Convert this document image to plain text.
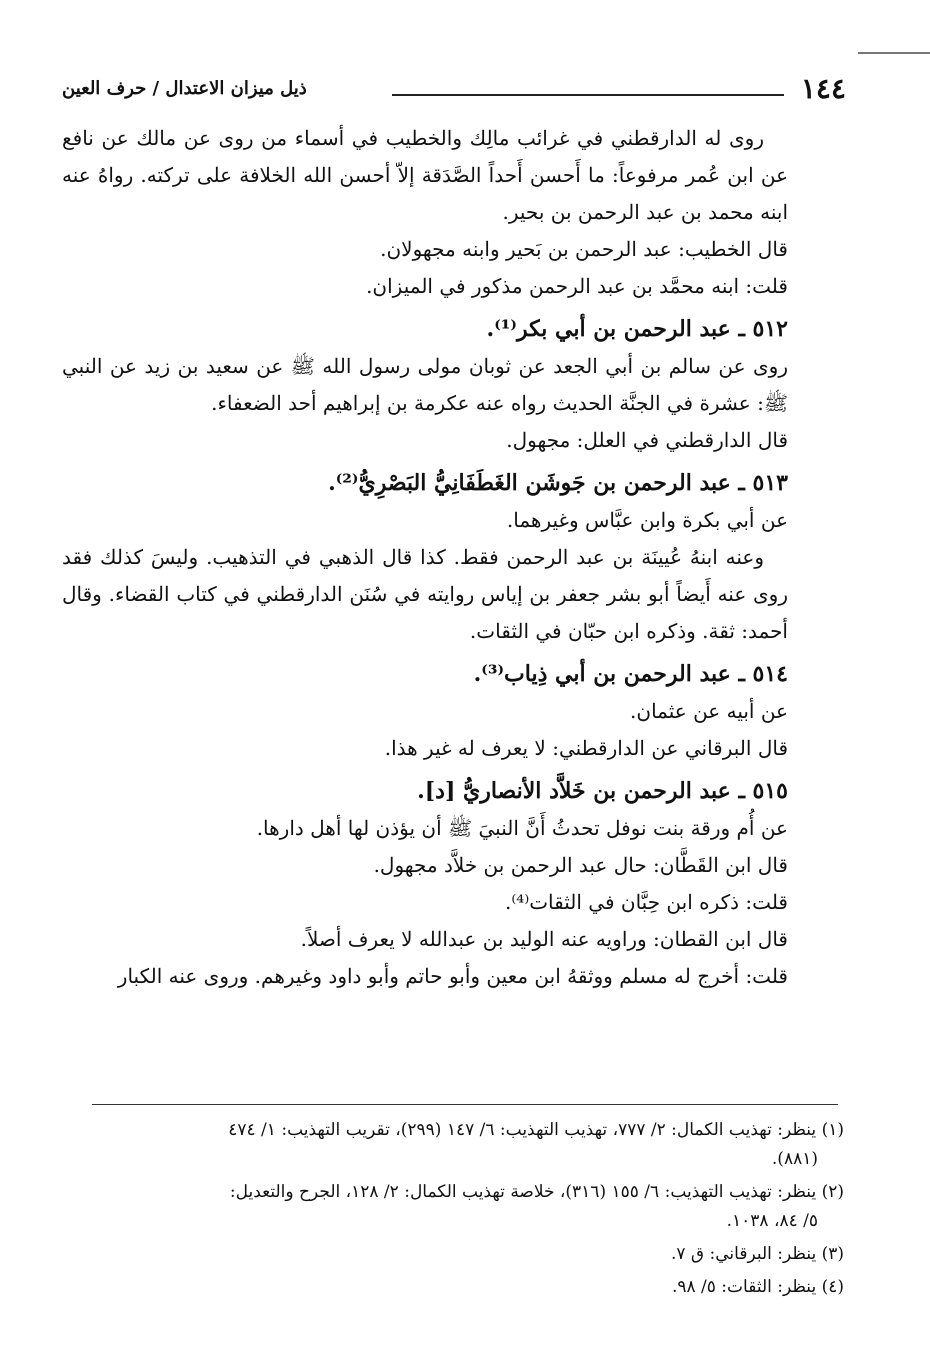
١٤٤
ذيل ميزان الاعتدال / حرف العين

روى له الدارقطني في غرائب مالِك والخطيب في أسماء من روى عن مالك عن نافع عن ابن عُمر مرفوعاً: ما أَحسن أَحداً الصَّدَقة إلاّ أحسن الله الخلافة على تركته. رواهُ عنه ابنه محمد بن عبد الرحمن بن بحير.

قال الخطيب: عبد الرحمن بن بَحير وابنه مجهولان.

قلت: ابنه محمَّد بن عبد الرحمن مذكور في الميزان.

٥١٢ ـ عبد الرحمن بن أبي بكر⁽¹⁾.

روى عن سالم بن أبي الجعد عن ثوبان مولى رسول الله ﷺ عن سعيد بن زيد عن النبي ﷺ: عشرة في الجنَّة الحديث رواه عنه عكرمة بن إبراهيم أحد الضعفاء.

قال الدارقطني في العلل: مجهول.

٥١٣ ـ عبد الرحمن بن جَوشَن الغَطَفَانِيُّ البَصْرِيُّ⁽²⁾.

عن أبي بكرة وابن عبَّاس وغيرهما.

وعنه ابنهُ عُيينَة بن عبد الرحمن فقط. كذا قال الذهبي في التذهيب. وليسَ كذلك فقد روى عنه أَيضاً أبو بشر جعفر بن إياس روايته في سُنَن الدارقطني في كتاب القضاء. وقال أحمد: ثقة. وذكره ابن حبّان في الثقات.

٥١٤ ـ عبد الرحمن بن أبي ذِياب⁽³⁾.

عن أبيه عن عثمان.

قال البرقاني عن الدارقطني: لا يعرف له غير هذا.

٥١٥ ـ عبد الرحمن بن خَلاَّد الأنصاريُّ [د].

عن أُم ورقة بنت نوفل تحدثُ أَنَّ النبيَ ﷺ أن يؤذن لها أهل دارها.

قال ابن القَطَّان: حال عبد الرحمن بن خلاَّد مجهول.

قلت: ذكره ابن حِبَّان في الثقات⁽⁴⁾.

قال ابن القطان: وراويه عنه الوليد بن عبدالله لا يعرف أصلاً.

قلت: أخرج له مسلم ووثقهُ ابن معين وأبو حاتم وأبو داود وغيرهم. وروى عنه الكبار

(١) ينظر: تهذيب الكمال: ٢/ ٧٧٧، تهذيب التهذيب: ٦/ ١٤٧ (٢٩٩)، تقريب التهذيب: ١/ ٤٧٤
(٨٨١).

(٢) ينظر: تهذيب التهذيب: ٦/ ١٥٥ (٣١٦)، خلاصة تهذيب الكمال: ٢/ ١٢٨، الجرح والتعديل:
٥/ ٨٤، ١٠٣٨.

(٣) ينظر: البرقاني: ق ٧.

(٤) ينظر: الثقات: ٥/ ٩٨.
